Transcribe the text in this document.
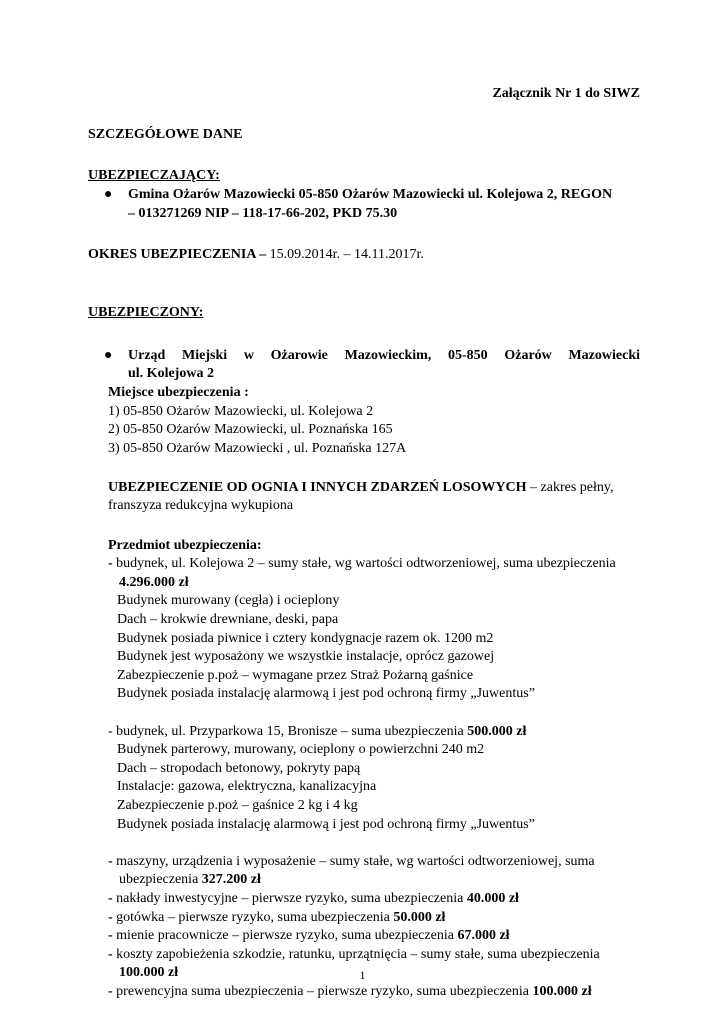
Załącznik Nr 1 do SIWZ
SZCZEGÓŁOWE DANE
UBEZPIECZAJĄCY:
●	Gmina Ożarów Mazowiecki 05-850 Ożarów Mazowiecki ul. Kolejowa 2, REGON
– 013271269 NIP – 118-17-66-202, PKD 75.30
OKRES UBEZPIECZENIA – 15.09.2014r. – 14.11.2017r.
UBEZPIECZONY:
●	Urząd Miejski w Ożarowie Mazowieckim, 05-850 Ożarów Mazowiecki
ul. Kolejowa 2
Miejsce ubezpieczenia :
1) 05-850 Ożarów Mazowiecki, ul. Kolejowa 2
2) 05-850 Ożarów Mazowiecki, ul. Poznańska 165
3) 05-850 Ożarów Mazowiecki , ul. Poznańska 127A
UBEZPIECZENIE OD OGNIA I INNYCH ZDARZEŃ LOSOWYCH – zakres pełny,
franszyza redukcyjna wykupiona
Przedmiot ubezpieczenia:
- budynek, ul. Kolejowa 2 – sumy stałe, wg wartości odtworzeniowej, suma ubezpieczenia
4.296.000 zł
Budynek murowany (cegła) i ocieplony
Dach – krokwie drewniane, deski, papa
Budynek posiada piwnice i cztery kondygnacje razem ok. 1200 m2
Budynek jest wyposażony we wszystkie instalacje, oprócz gazowej
Zabezpieczenie p.poż – wymagane przez Straż Pożarną gaśnice
Budynek posiada instalację alarmową i jest pod ochroną firmy „Juwentus”
- budynek, ul. Przyparkowa 15, Bronisze – suma ubezpieczenia 500.000 zł
Budynek parterowy, murowany, ocieplony o powierzchni 240 m2
Dach – stropodach betonowy, pokryty papą
Instalacje: gazowa, elektryczna, kanalizacyjna
Zabezpieczenie p.poż – gaśnice 2 kg i 4 kg
Budynek posiada instalację alarmową i jest pod ochroną firmy „Juwentus”
- maszyny, urządzenia i wyposażenie – sumy stałe, wg wartości odtworzeniowej, suma
ubezpieczenia 327.200 zł
- nakłady inwestycyjne – pierwsze ryzyko, suma ubezpieczenia 40.000 zł
- gotówka – pierwsze ryzyko, suma ubezpieczenia 50.000 zł
- mienie pracownicze – pierwsze ryzyko, suma ubezpieczenia 67.000 zł
- koszty zapobieżenia szkodzie, ratunku, uprzątnięcia – sumy stałe, suma ubezpieczenia
100.000 zł
- prewencyjna suma ubezpieczenia – pierwsze ryzyko, suma ubezpieczenia 100.000 zł
1
